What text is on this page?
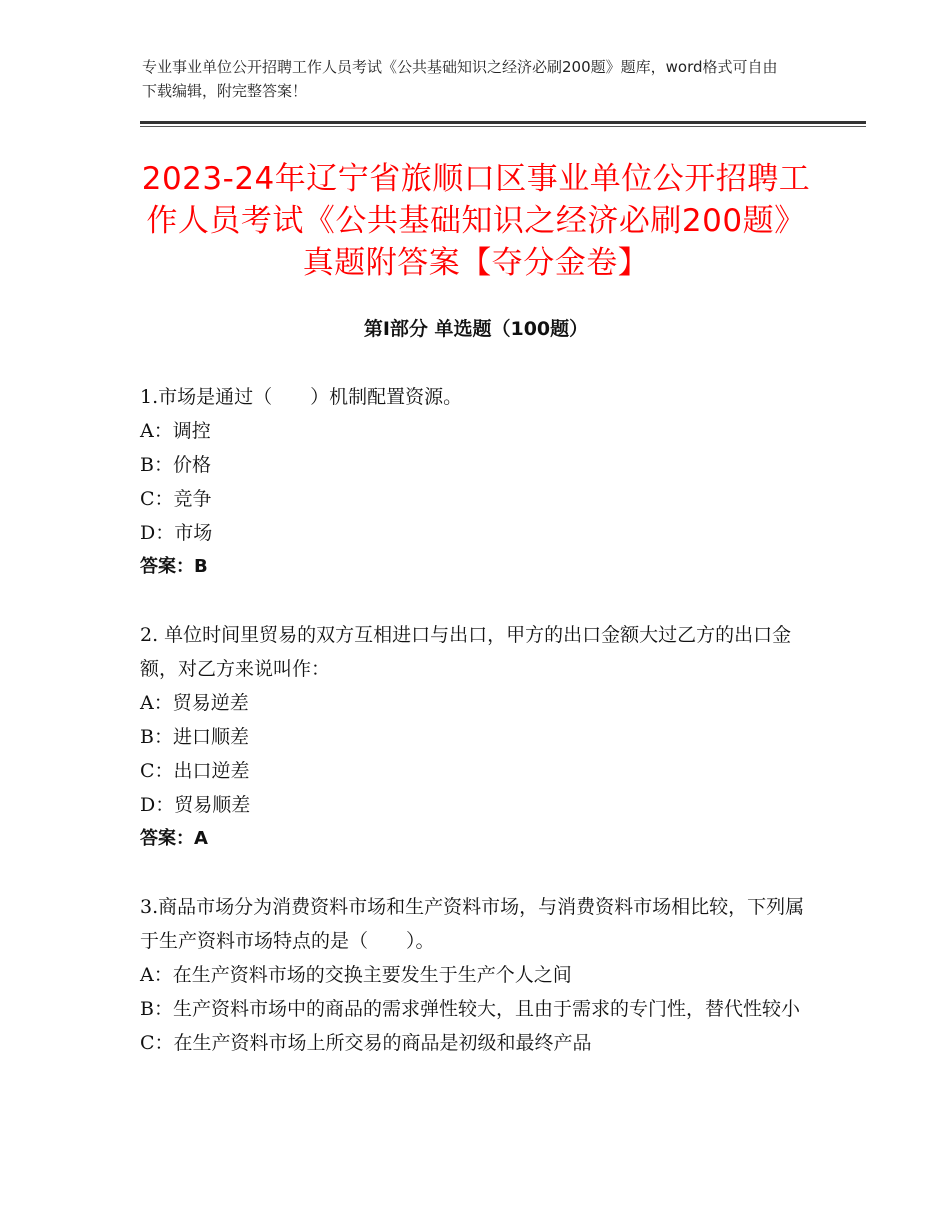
专业事业单位公开招聘工作人员考试《公共基础知识之经济必刷200题》题库，word格式可自由下载编辑，附完整答案！
2023-24年辽宁省旅顺口区事业单位公开招聘工作人员考试《公共基础知识之经济必刷200题》真题附答案【夺分金卷】
第Ⅰ部分 单选题（100题）
1.市场是通过（　　）机制配置资源。
A：调控
B：价格
C：竞争
D：市场
答案：B
2. 单位时间里贸易的双方互相进口与出口，甲方的出口金额大过乙方的出口金额，对乙方来说叫作：
A：贸易逆差
B：进口顺差
C：出口逆差
D：贸易顺差
答案：A
3.商品市场分为消费资料市场和生产资料市场，与消费资料市场相比较，下列属于生产资料市场特点的是（　　）。
A：在生产资料市场的交换主要发生于生产个人之间
B：生产资料市场中的商品的需求弹性较大，且由于需求的专门性，替代性较小
C：在生产资料市场上所交易的商品是初级和最终产品
